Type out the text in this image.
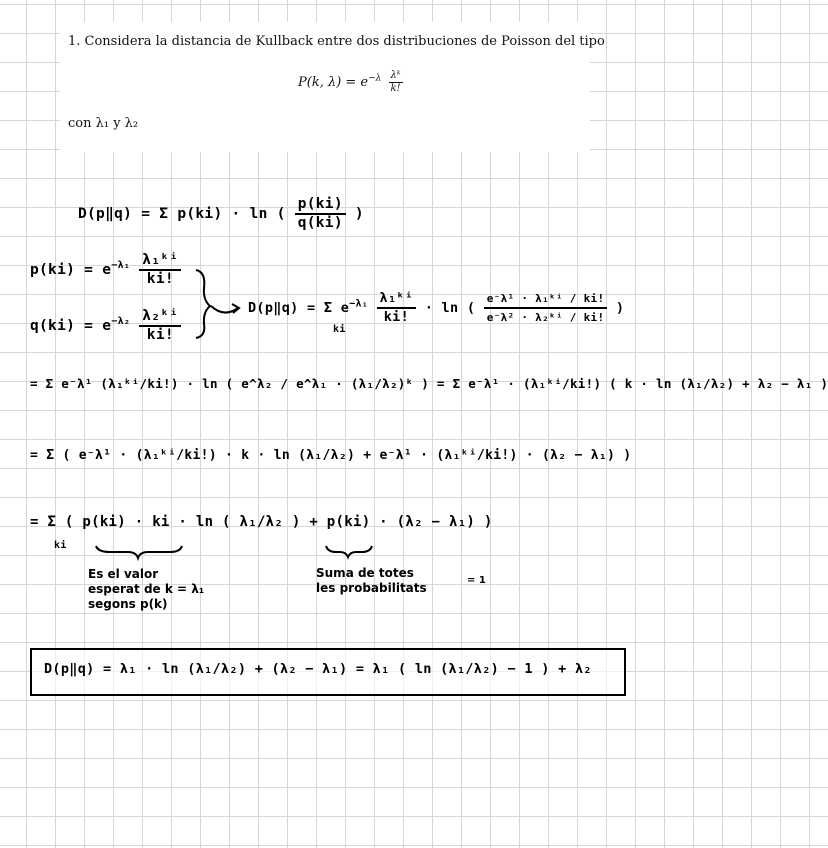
1. Considera la distancia de Kullback entre dos distribuciones de Poisson del tipo
P(k, $\lambda) = e^{-\lambda} \frac{\text{λᵏ}}{k!}$
con λ₁ y λ₂
D(p‖q) = Σ p(ki) · ln ( $\frac{p(ki)}{q(ki)}$ )
$p(ki) = e^{-\lambda_1} \frac{\text{λ₁ᵏⁱ}}{ki!}$
$q(ki) = e^{-\lambda_2} \frac{\text{λ₂ᵏⁱ}}{ki!}$	D(p‖q) = Σ $e^{-\lambda_1} \frac{\text{λ₁ᵏⁱ}}{ki!} \cdot \ln$ ( $\frac{\text{e⁻λ¹ · λ₁ᵏⁱ / ki!}}{\text{e⁻λ² · λ₂ᵏⁱ / ki!}}$ )
ki
= Σ e⁻λ¹ (λ₁ᵏⁱ/ki!) · ln ( e^λ₂ / e^λ₁ · (λ₁/λ₂)ᵏ ) = Σ e⁻λ¹ · (λ₁ᵏⁱ/ki!) ( k · ln (λ₁/λ₂) + λ₂ − λ₁ )
= Σ ( e⁻λ¹ · (λ₁ᵏⁱ/ki!) · k · ln (λ₁/λ₂) + e⁻λ¹ · (λ₁ᵏⁱ/ki!) · (λ₂ − λ₁) )
= Σ ( p(ki) · ki · ln ( λ₁/λ₂ ) + p(ki) · (λ₂ − λ₁) )
ki
Es el valor
esperat de k = λ₁
segons p(k)
Suma de totes
les probabilitats
= 1
D(p‖q) = λ₁ · ln (λ₁/λ₂) + (λ₂ − λ₁) = λ₁ ( ln (λ₁/λ₂) − 1 ) + λ₂
